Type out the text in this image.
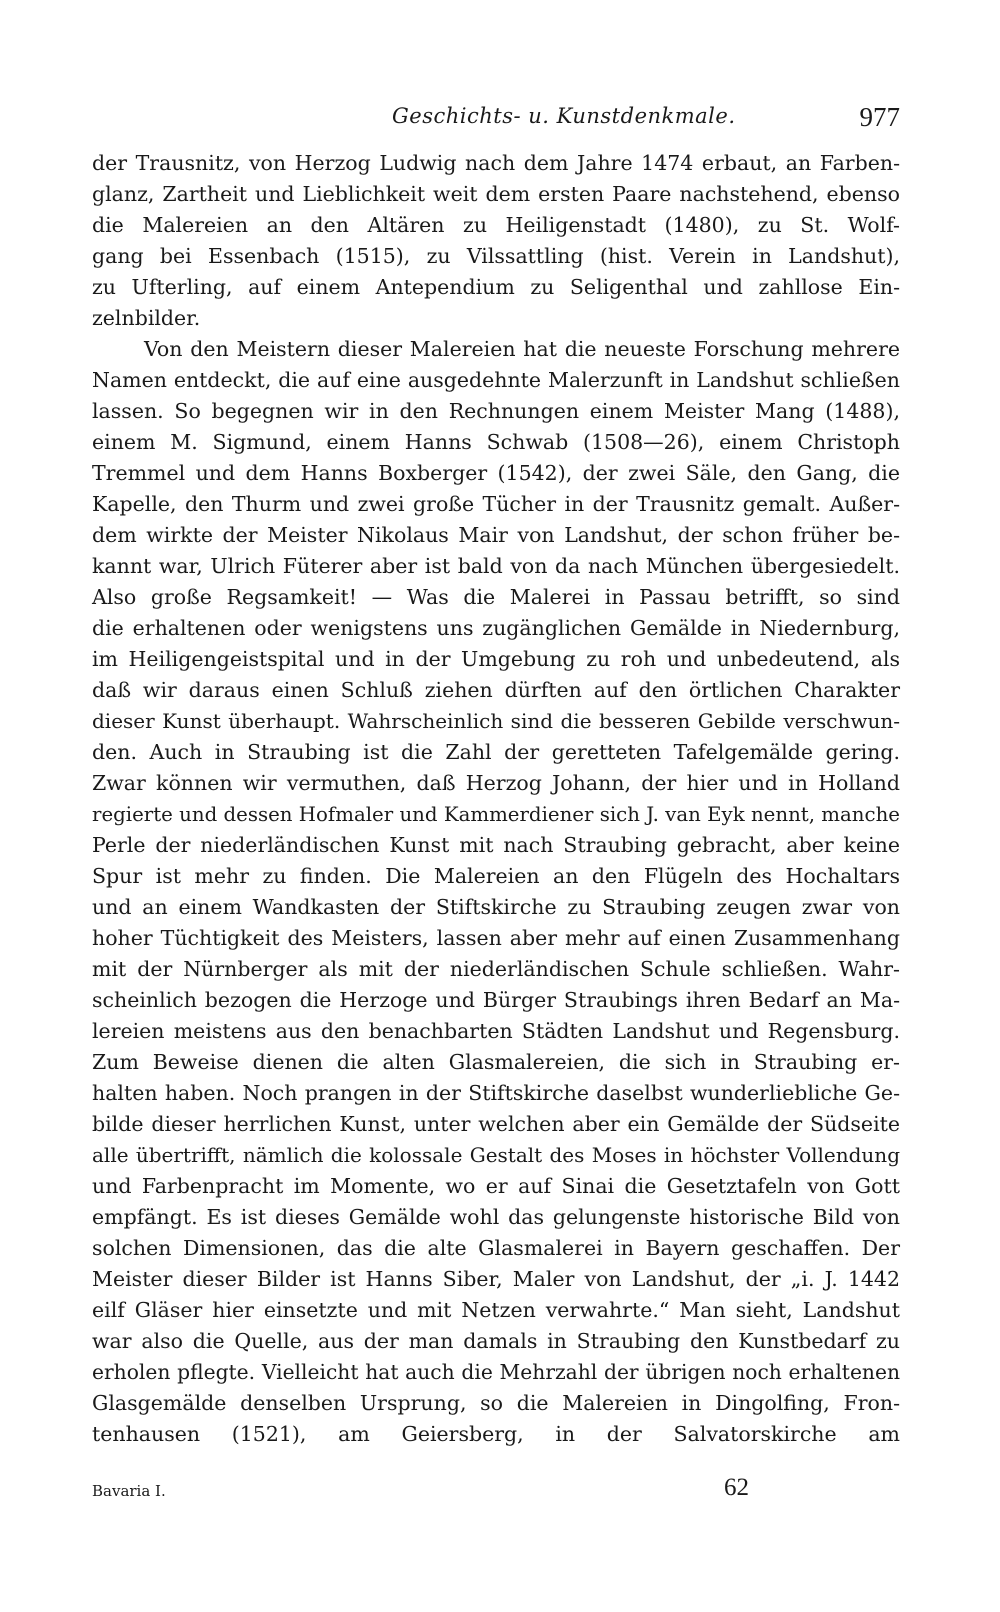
Geschichts- u. Kunstdenkmale.	977
der Trausnitz, von Herzog Ludwig nach dem Jahre 1474 erbaut, an Farben-
glanz, Zartheit und Lieblichkeit weit dem ersten Paare nachstehend, ebenso
die Malereien an den Altären zu Heiligenstadt (1480), zu St. Wolf-
gang bei Essenbach (1515), zu Vilssattling (hist. Verein in Landshut),
zu Ufterling, auf einem Antependium zu Seligenthal und zahllose Ein-
zelnbilder.
Von den Meistern dieser Malereien hat die neueste Forschung mehrere
Namen entdeckt, die auf eine ausgedehnte Malerzunft in Landshut schließen
lassen. So begegnen wir in den Rechnungen einem Meister Mang (1488),
einem M. Sigmund, einem Hanns Schwab (1508—26), einem Christoph
Tremmel und dem Hanns Boxberger (1542), der zwei Säle, den Gang, die
Kapelle, den Thurm und zwei große Tücher in der Trausnitz gemalt. Außer-
dem wirkte der Meister Nikolaus Mair von Landshut, der schon früher be-
kannt war, Ulrich Füterer aber ist bald von da nach München übergesiedelt.
Also große Regsamkeit! — Was die Malerei in Passau betrifft, so sind
die erhaltenen oder wenigstens uns zugänglichen Gemälde in Niedernburg,
im Heiligengeistspital und in der Umgebung zu roh und unbedeutend, als
daß wir daraus einen Schluß ziehen dürften auf den örtlichen Charakter
dieser Kunst überhaupt. Wahrscheinlich sind die besseren Gebilde verschwun-
den. Auch in Straubing ist die Zahl der geretteten Tafelgemälde gering.
Zwar können wir vermuthen, daß Herzog Johann, der hier und in Holland
regierte und dessen Hofmaler und Kammerdiener sich J. van Eyk nennt, manche
Perle der niederländischen Kunst mit nach Straubing gebracht, aber keine
Spur ist mehr zu finden. Die Malereien an den Flügeln des Hochaltars
und an einem Wandkasten der Stiftskirche zu Straubing zeugen zwar von
hoher Tüchtigkeit des Meisters, lassen aber mehr auf einen Zusammenhang
mit der Nürnberger als mit der niederländischen Schule schließen. Wahr-
scheinlich bezogen die Herzoge und Bürger Straubings ihren Bedarf an Ma-
lereien meistens aus den benachbarten Städten Landshut und Regensburg.
Zum Beweise dienen die alten Glasmalereien, die sich in Straubing er-
halten haben. Noch prangen in der Stiftskirche daselbst wunderliebliche Ge-
bilde dieser herrlichen Kunst, unter welchen aber ein Gemälde der Südseite
alle übertrifft, nämlich die kolossale Gestalt des Moses in höchster Vollendung
und Farbenpracht im Momente, wo er auf Sinai die Gesetztafeln von Gott
empfängt. Es ist dieses Gemälde wohl das gelungenste historische Bild von
solchen Dimensionen, das die alte Glasmalerei in Bayern geschaffen. Der
Meister dieser Bilder ist Hanns Siber, Maler von Landshut, der „i. J. 1442
eilf Gläser hier einsetzte und mit Netzen verwahrte.“ Man sieht, Landshut
war also die Quelle, aus der man damals in Straubing den Kunstbedarf zu
erholen pflegte. Vielleicht hat auch die Mehrzahl der übrigen noch erhaltenen
Glasgemälde denselben Ursprung, so die Malereien in Dingolfing, Fron-
tenhausen (1521), am Geiersberg, in der Salvatorskirche am
Bavaria I.	62
